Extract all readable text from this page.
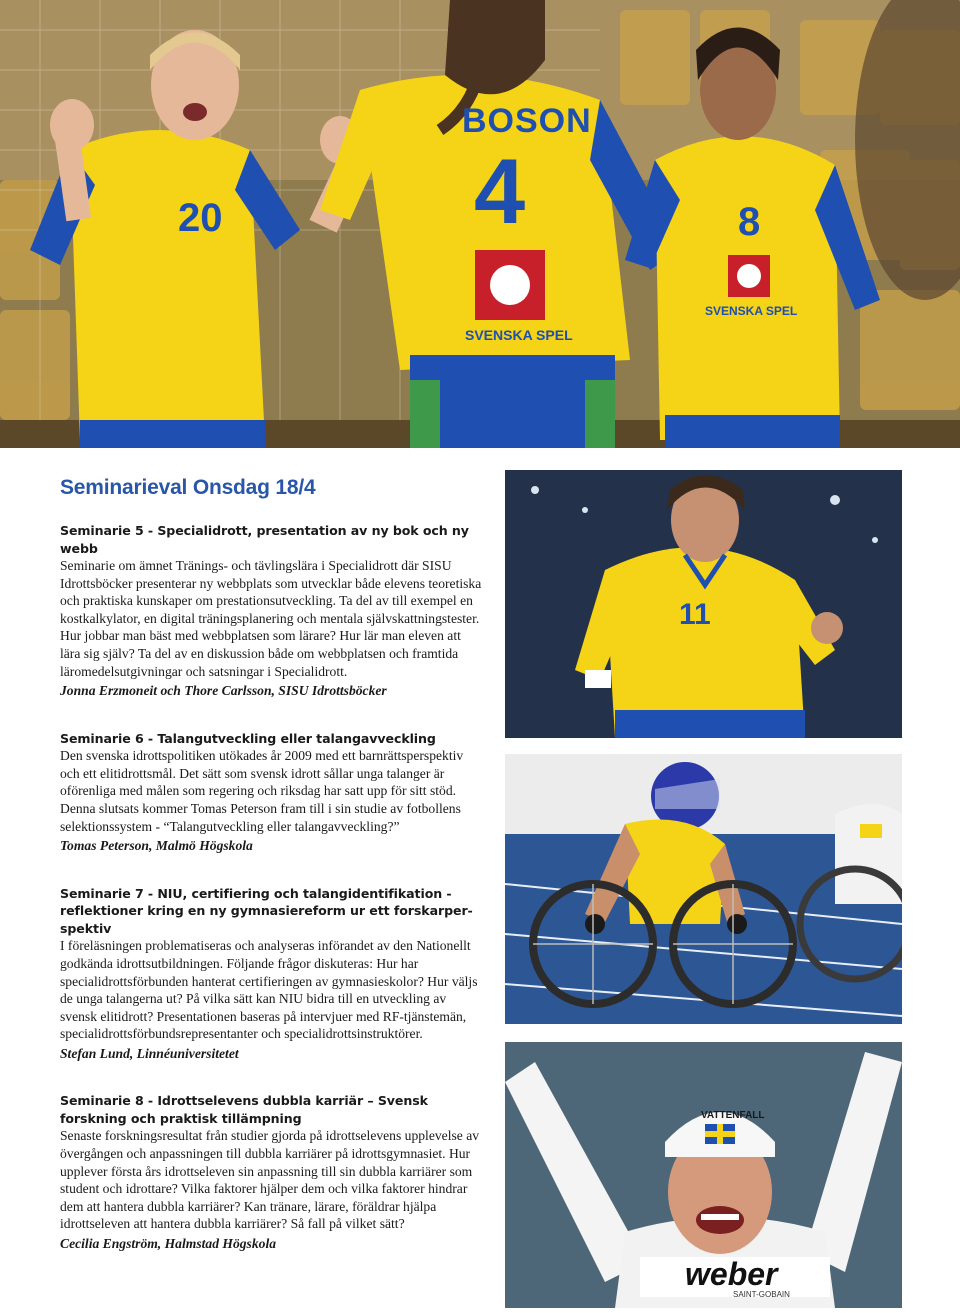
SVENSKA SPEL
SVENSKA SPEL
20
BOSON
4	8
Seminarieval Onsdag 18/4

Seminarie 5 - Specialidrott, presentation av ny bok och ny webb

Seminarie om ämnet Tränings- och tävlingslära i Specialidrott där SISU Idrottsböcker presenterar ny webbplats som utvecklar både elevens teoretiska och praktiska kunskaper om prestationsutveckling. Ta del av till exempel en kostkalkylator, en digital träningsplanering och mentala självskattningstester. Hur jobbar man bäst med webbplatsen som lärare? Hur lär man eleven att lära sig själv? Ta del av en diskussion både om webbplatsen och framtida läromedelsutgivningar och satsningar i Specialidrott.

Jonna Erzmoneit och Thore Carlsson, SISU Idrottsböcker

Seminarie 6 - Talangutveckling eller talangavveckling

Den svenska idrottspolitiken utökades år 2009 med ett barnrättsperspektiv och ett elitidrottsmål. Det sätt som svensk idrott sållar unga talanger är oförenliga med målen som regering och riksdag har satt upp för sitt stöd. Denna slutsats kommer Tomas Peterson fram till i sin studie av fotbollens selektionssystem - “Talangutveckling eller talangavveckling?”

Tomas Peterson, Malmö Högskola

Seminarie 7 - NIU, certifiering och talangidentifikation - reflektioner kring en ny gymnasiereform ur ett forskarper-spektiv

I föreläsningen problematiseras och analyseras införandet av den Nationellt godkända idrottsutbildningen. Följande frågor diskuteras: Hur har specialidrottsförbunden hanterat certifieringen av gymnasieskolor? Hur väljs de unga talangerna ut? På vilka sätt kan NIU bidra till en utveckling av svensk elitidrott? Presentationen baseras på intervjuer med RF-tjänstemän, specialidrottsförbundsrepresentanter och specialidrottsinstruktörer.

Stefan Lund, Linnéuniversitetet

Seminarie 8 - Idrottselevens dubbla karriär – Svensk forskning och praktisk tillämpning

Senaste forskningsresultat från studier gjorda på idrottselevens upplevelse av övergången och anpassningen till dubbla karriärer på idrottsgymnasiet. Hur upplever första års idrottseleven sin anpassning till sin dubbla karriärer som student och idrottare? Vilka faktorer hjälper dem och vilka faktorer hindrar dem att hantera dubbla karriärer? Kan tränare, lärare, föräldrar hjälpa idrottseleven att hantera dubbla karriärer? Så fall på vilket sätt?

Cecilia Engström, Halmstad Högskola

11
VATTENFALL
weber
SAINT-GOBAIN
